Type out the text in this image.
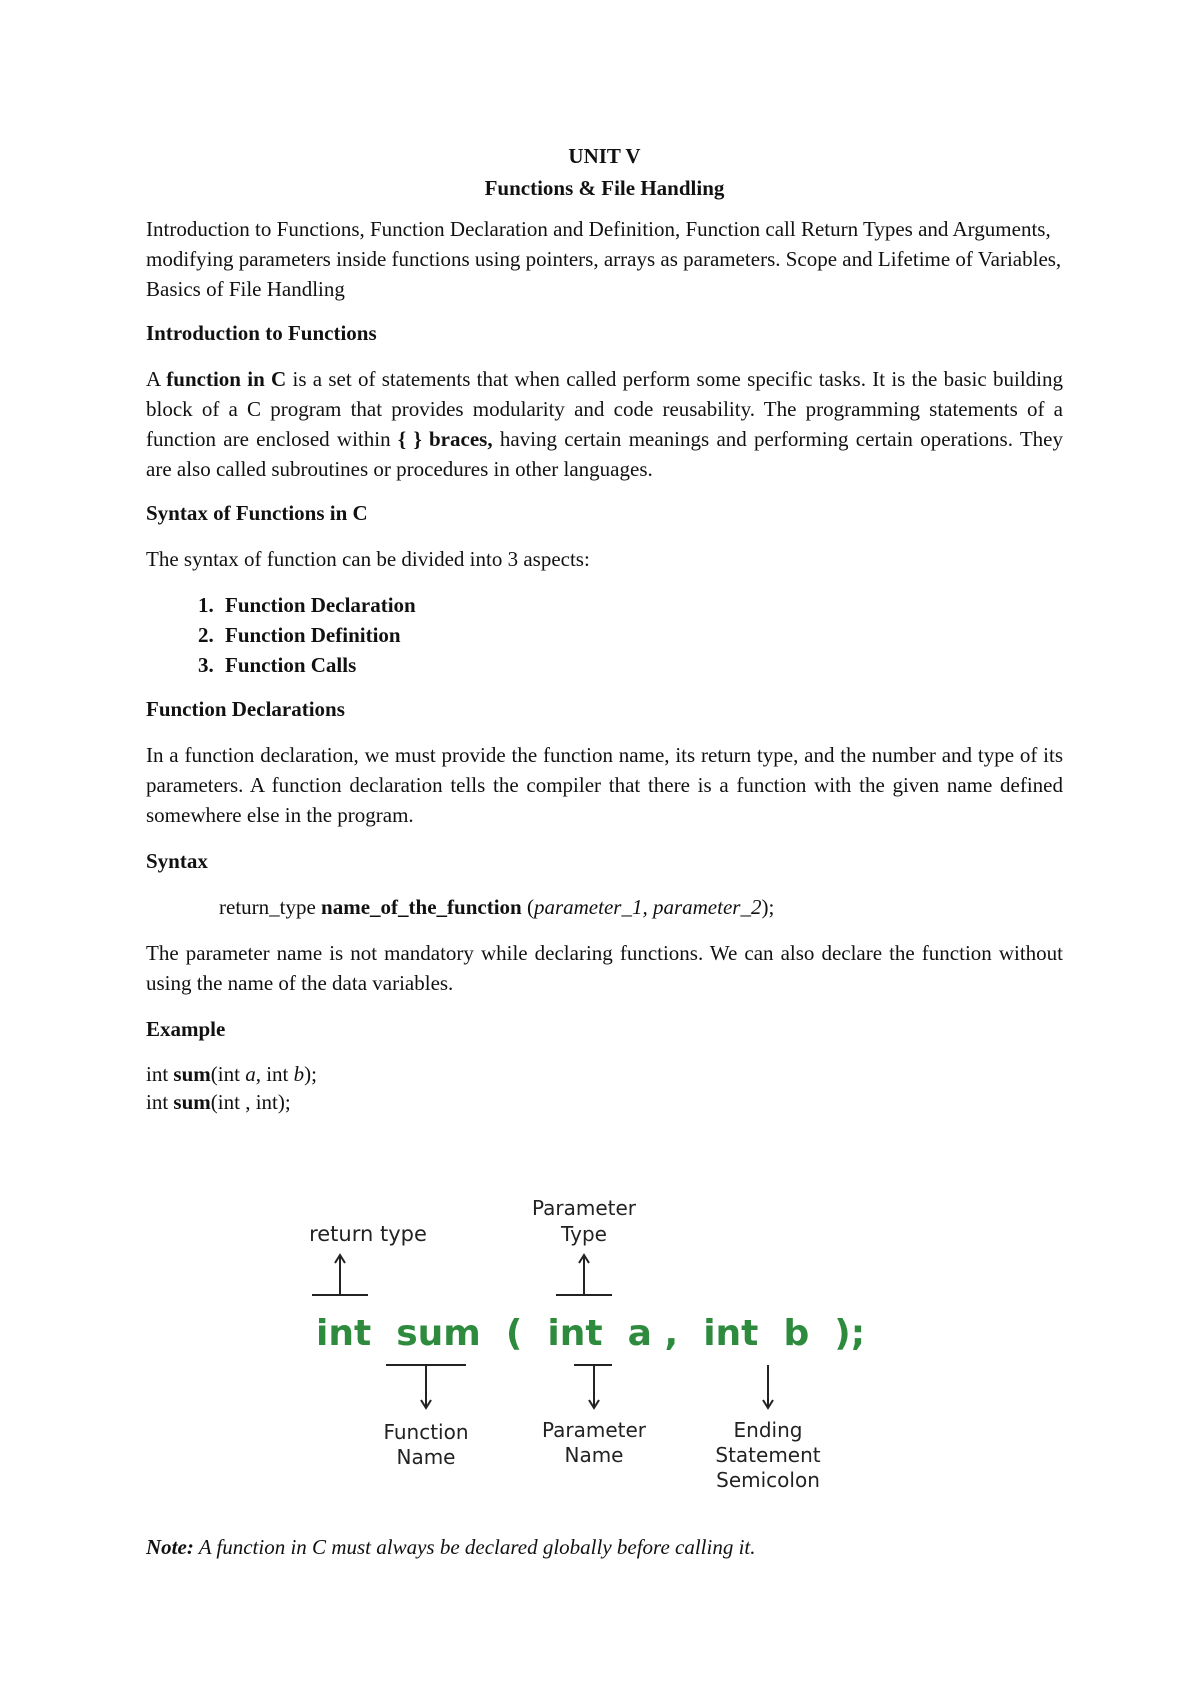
UNIT V

Functions & File Handling

Introduction to Functions, Function Declaration and Definition, Function call Return Types and Arguments, modifying parameters inside functions using pointers, arrays as parameters. Scope and Lifetime of Variables, Basics of File Handling

Introduction to Functions

A function in C is a set of statements that when called perform some specific tasks. It is the basic building block of a C program that provides modularity and code reusability. The programming statements of a function are enclosed within { } braces, having certain meanings and performing certain operations. They are also called subroutines or procedures in other languages.

Syntax of Functions in C

The syntax of function can be divided into 3 aspects:

1. Function Declaration
2. Function Definition
3. Function Calls

Function Declarations

In a function declaration, we must provide the function name, its return type, and the number and type of its parameters. A function declaration tells the compiler that there is a function with the given name defined somewhere else in the program.

Syntax

return_type name_of_the_function (parameter_1, parameter_2);

The parameter name is not mandatory while declaring functions. We can also declare the function without using the name of the data variables.

Example

int sum(int a, int b);

int sum(int , int);

return type
Parameter
Type
int  sum  (  int  a ,  int  b  );
Function
Name
Parameter
Name
Ending
Statement
Semicolon

Note: A function in C must always be declared globally before calling it.
